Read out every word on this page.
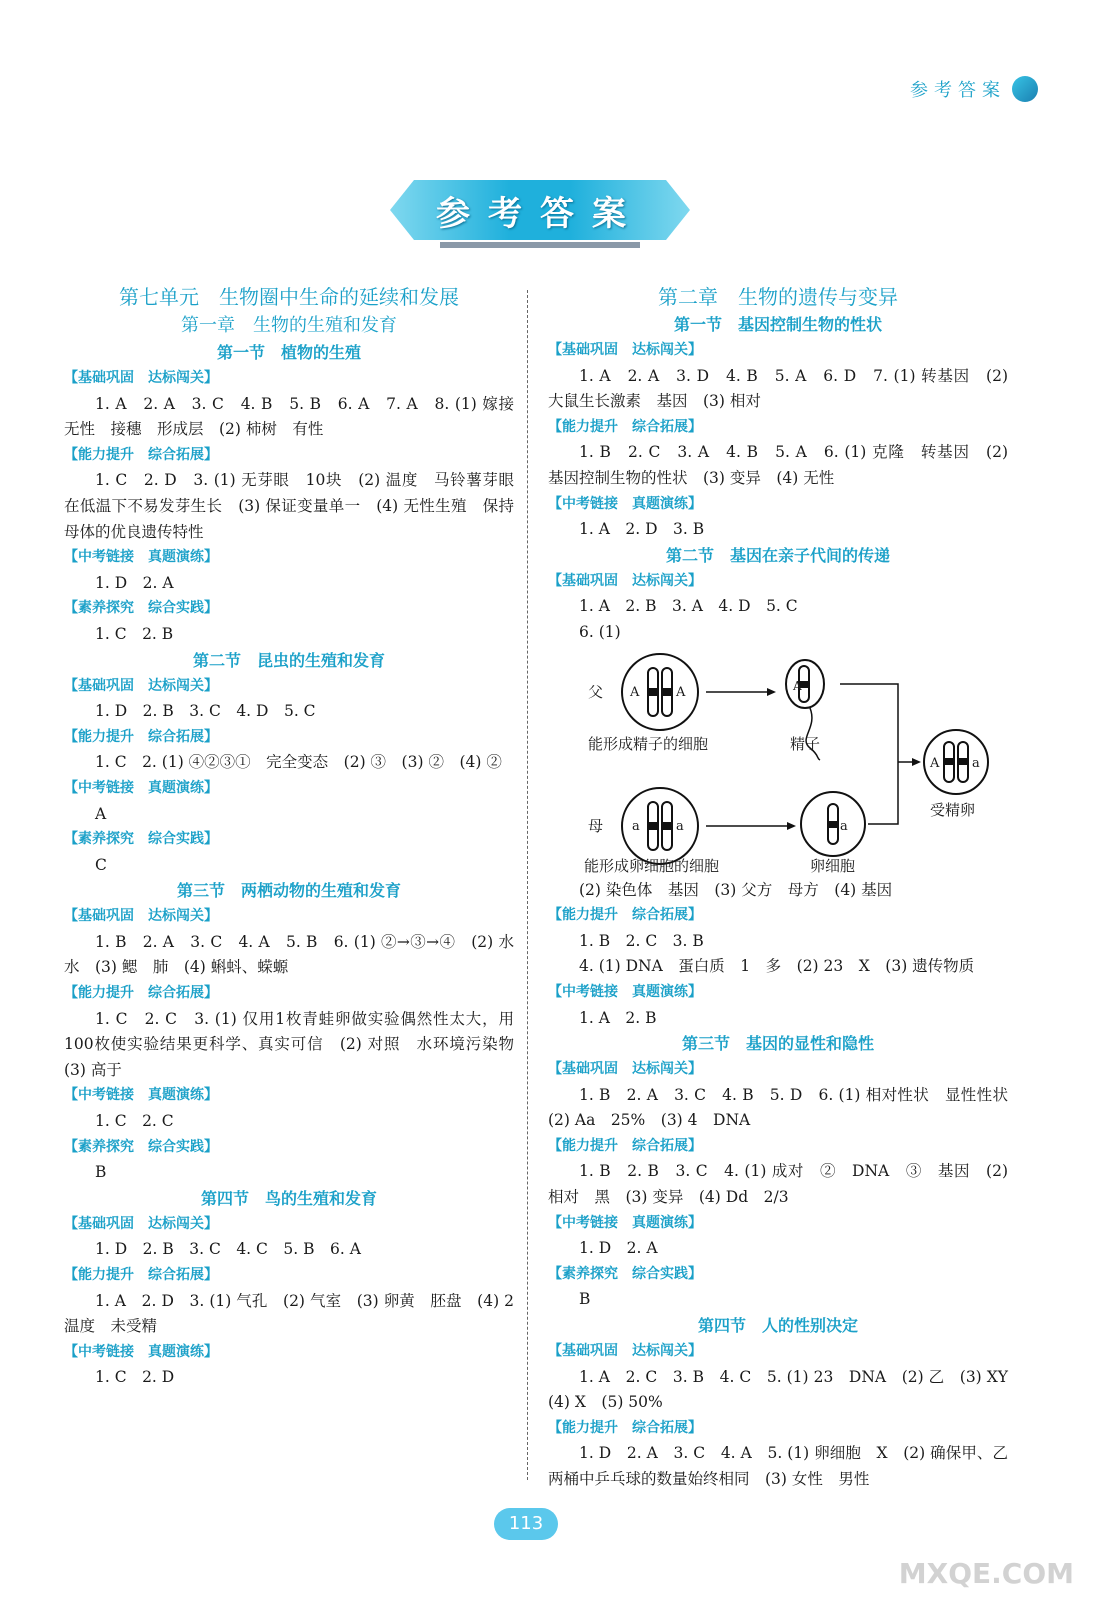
参考答案
参考答案
第七单元　生物圈中生命的延续和发展
第一章　生物的生殖和发育
第一节　植物的生殖
【基础巩固　达标闯关】
1. A　2. A　3. C　4. B　5. B　6. A　7. A　8. (1) 嫁接　无性　接穗　形成层　(2) 柿树　有性
【能力提升　综合拓展】
1. C　2. D　3. (1) 无芽眼　10块　(2) 温度　马铃薯芽眼在低温下不易发芽生长　(3) 保证变量单一　(4) 无性生殖　保持母体的优良遗传特性
【中考链接　真题演练】
1. D　2. A
【素养探究　综合实践】
1. C　2. B
第二节　昆虫的生殖和发育
【基础巩固　达标闯关】
1. D　2. B　3. C　4. D　5. C
【能力提升　综合拓展】
1. C　2. (1) ④②③①　完全变态　(2) ③　(3) ②　(4) ②
【中考链接　真题演练】
A
【素养探究　综合实践】
C
第三节　两栖动物的生殖和发育
【基础巩固　达标闯关】
1. B　2. A　3. C　4. A　5. B　6. (1) ②→③→④　(2) 水　水　(3) 鳃　肺　(4) 蝌蚪、蝾螈
【能力提升　综合拓展】
1. C　2. C　3. (1) 仅用1枚青蛙卵做实验偶然性太大，用100枚使实验结果更科学、真实可信　(2) 对照　水环境污染物　(3) 高于
【中考链接　真题演练】
1. C　2. C
【素养探究　综合实践】
B
第四节　鸟的生殖和发育
【基础巩固　达标闯关】
1. D　2. B　3. C　4. C　5. B　6. A
【能力提升　综合拓展】
1. A　2. D　3. (1) 气孔　(2) 气室　(3) 卵黄　胚盘　(4) 2　温度　未受精
【中考链接　真题演练】
1. C　2. D
第二章　生物的遗传与变异
第一节　基因控制生物的性状
【基础巩固　达标闯关】
1. A　2. A　3. D　4. B　5. A　6. D　7. (1) 转基因　(2) 大鼠生长激素　基因　(3) 相对
【能力提升　综合拓展】
1. B　2. C　3. A　4. B　5. A　6. (1) 克隆　转基因　(2) 基因控制生物的性状　(3) 变异　(4) 无性
【中考链接　真题演练】
1. A　2. D　3. B
第二节　基因在亲子代间的传递
【基础巩固　达标闯关】
1. A　2. B　3. A　4. D　5. C
6. (1)
父
母
A	A	A
a	a	a
A	a
能形成精子的细胞	精子
能形成卵细胞的细胞	卵细胞
受精卵
(2) 染色体　基因　(3) 父方　母方　(4) 基因
【能力提升　综合拓展】
1. B　2. C　3. B
4. (1) DNA　蛋白质　1　多　(2) 23　X　(3) 遗传物质
【中考链接　真题演练】
1. A　2. B
第三节　基因的显性和隐性
【基础巩固　达标闯关】
1. B　2. A　3. C　4. B　5. D　6. (1) 相对性状　显性性状　(2) Aa　25%　(3) 4　DNA
【能力提升　综合拓展】
1. B　2. B　3. C　4. (1) 成对　②　DNA　③　基因　(2) 相对　黑　(3) 变异　(4) Dd　2/3
【中考链接　真题演练】
1. D　2. A
【素养探究　综合实践】
B
第四节　人的性别决定
【基础巩固　达标闯关】
1. A　2. C　3. B　4. C　5. (1) 23　DNA　(2) 乙　(3) XY　(4) X　(5) 50%
【能力提升　综合拓展】
1. D　2. A　3. C　4. A　5. (1) 卵细胞　X　(2) 确保甲、乙两桶中乒乓球的数量始终相同　(3) 女性　男性
113
MXQE.COM
